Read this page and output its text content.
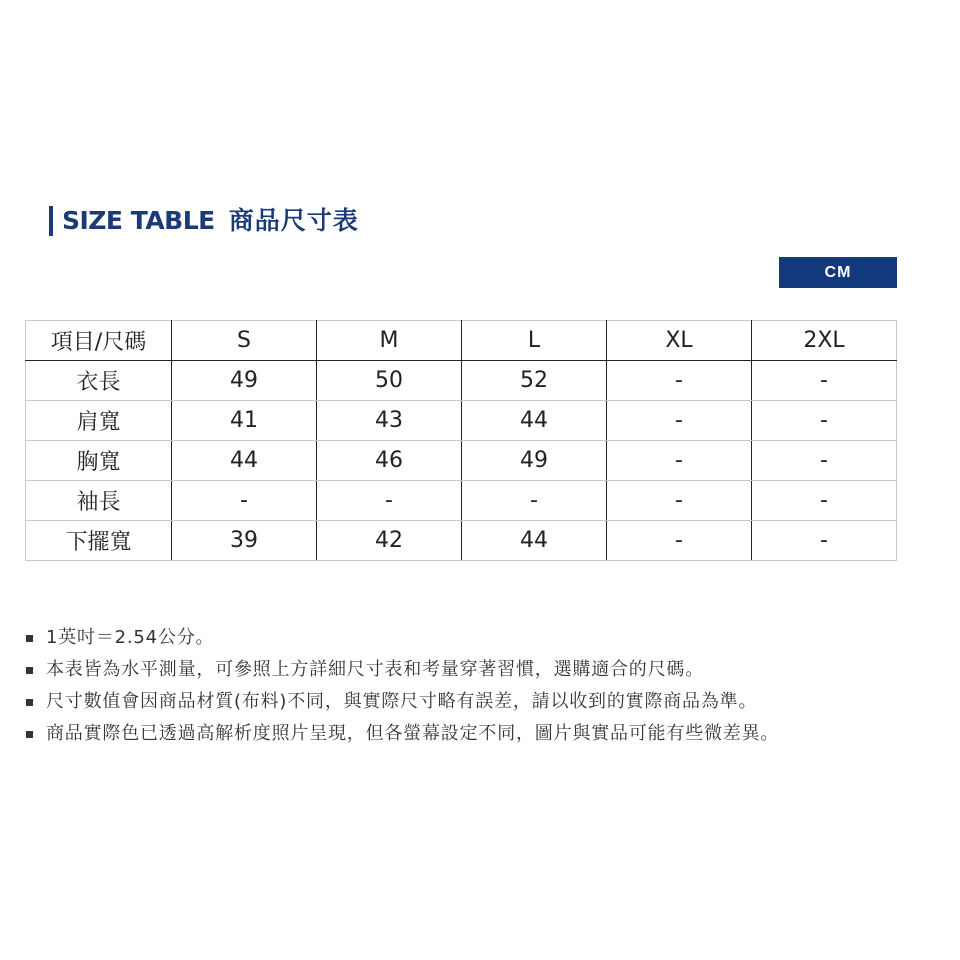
SIZE TABLE 商品尺寸表
CM
項目/尺碼	S	M	L	XL	2XL
衣長	49	50	52	-	-
肩寬	41	43	44	-	-
胸寬	44	46	49	-	-
袖長	-	-	-	-	-
下擺寬	39	42	44	-	-
1英吋＝2.54公分。
本表皆為水平測量，可參照上方詳細尺寸表和考量穿著習慣，選購適合的尺碼。
尺寸數值會因商品材質(布料)不同，與實際尺寸略有誤差，請以收到的實際商品為準。
商品實際色已透過高解析度照片呈現，但各螢幕設定不同，圖片與實品可能有些微差異。
